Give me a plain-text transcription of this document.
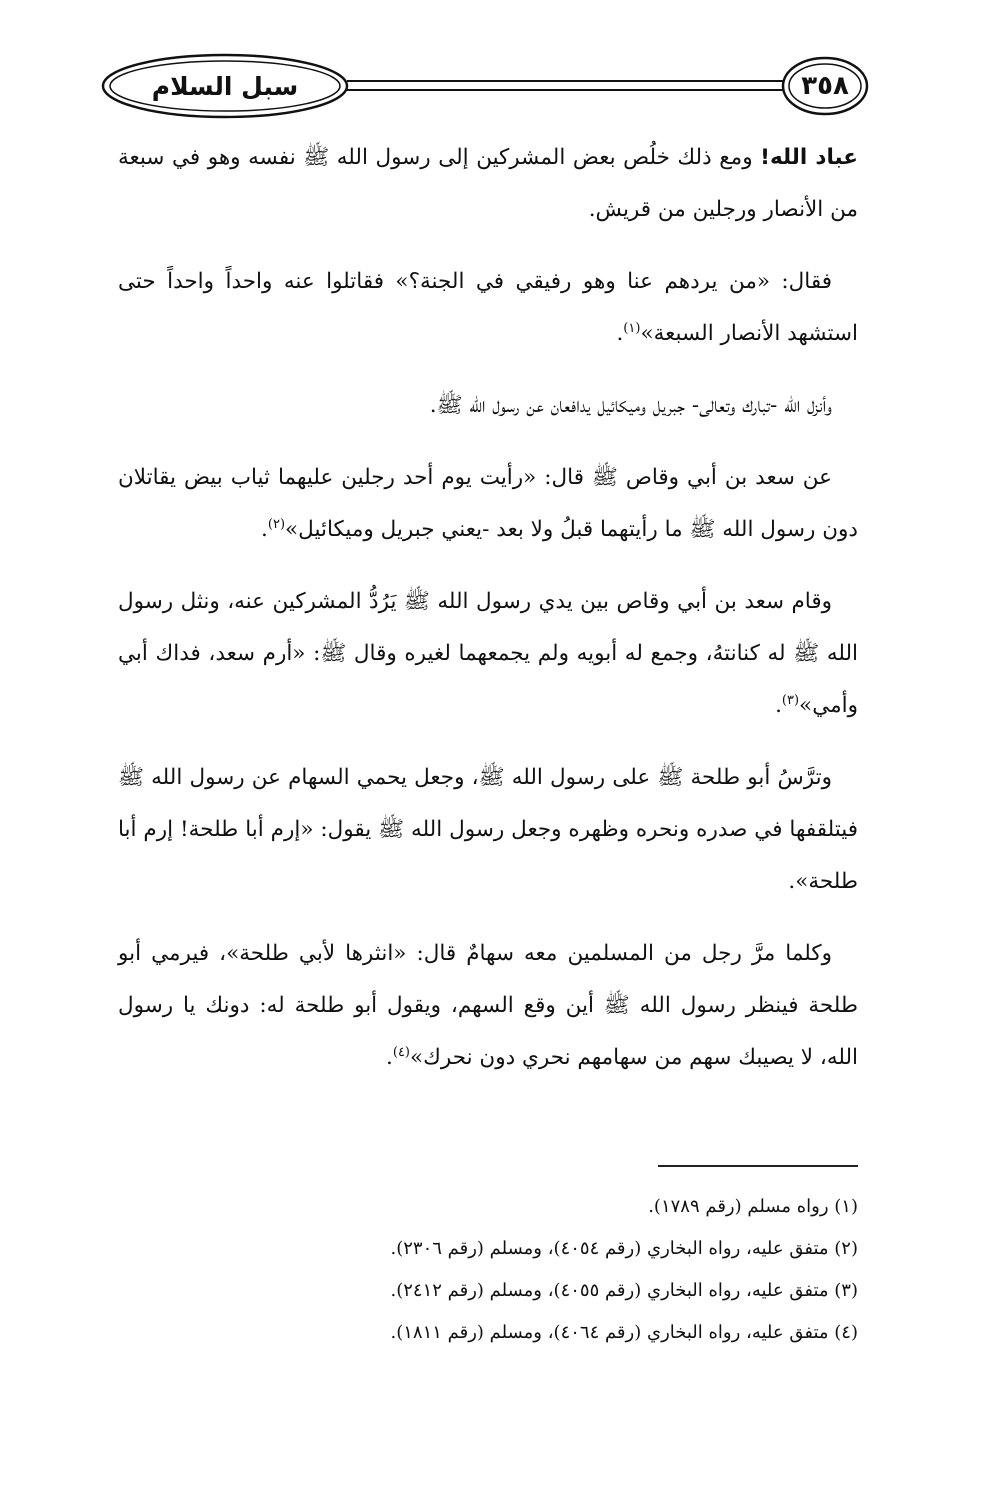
سبل السلام	٣٥٨

عباد الله! ومع ذلك خلُص بعض المشركين إلى رسول الله ﷺ نفسه وهو في سبعة من الأنصار ورجلين من قريش.

فقال: «من يردهم عنا وهو رفيقي في الجنة؟» فقاتلوا عنه واحداً واحداً حتى استشهد الأنصار السبعة»$^{(١)}$.

وأنزل الله -تبارك وتعالى- جبريل وميكائيل يدافعان عن رسول الله ﷺ.

عن سعد بن أبي وقاص ﷺ قال: «رأيت يوم أحد رجلين عليهما ثياب بيض يقاتلان دون رسول الله ﷺ ما رأيتهما قبلُ ولا بعد -يعني جبريل وميكائيل»$^{(٢)}$.

وقام سعد بن أبي وقاص بين يدي رسول الله ﷺ يَرُدُّ المشركين عنه، ونثل رسول الله ﷺ له كنانتهُ، وجمع له أبويه ولم يجمعهما لغيره وقال ﷺ: «أرم سعد، فداك أبي وأمي»$^{(٣)}$.

وترَّسُ أبو طلحة ﷺ على رسول الله ﷺ، وجعل يحمي السهام عن رسول الله ﷺ فيتلقفها في صدره ونحره وظهره وجعل رسول الله ﷺ يقول: «إرم أبا طلحة! إرم أبا طلحة».

وكلما مرَّ رجل من المسلمين معه سهامٌ قال: «انثرها لأبي طلحة»، فيرمي أبو طلحة فينظر رسول الله ﷺ أين وقع السهم، ويقول أبو طلحة له: دونك يا رسول الله، لا يصيبك سهم من سهامهم نحري دون نحرك»$^{(٤)}$.

(١) رواه مسلم (رقم ١٧٨٩).
(٢) متفق عليه، رواه البخاري (رقم ٤٠٥٤)، ومسلم (رقم ٢٣٠٦).
(٣) متفق عليه، رواه البخاري (رقم ٤٠٥٥)، ومسلم (رقم ٢٤١٢).
(٤) متفق عليه، رواه البخاري (رقم ٤٠٦٤)، ومسلم (رقم ١٨١١).
